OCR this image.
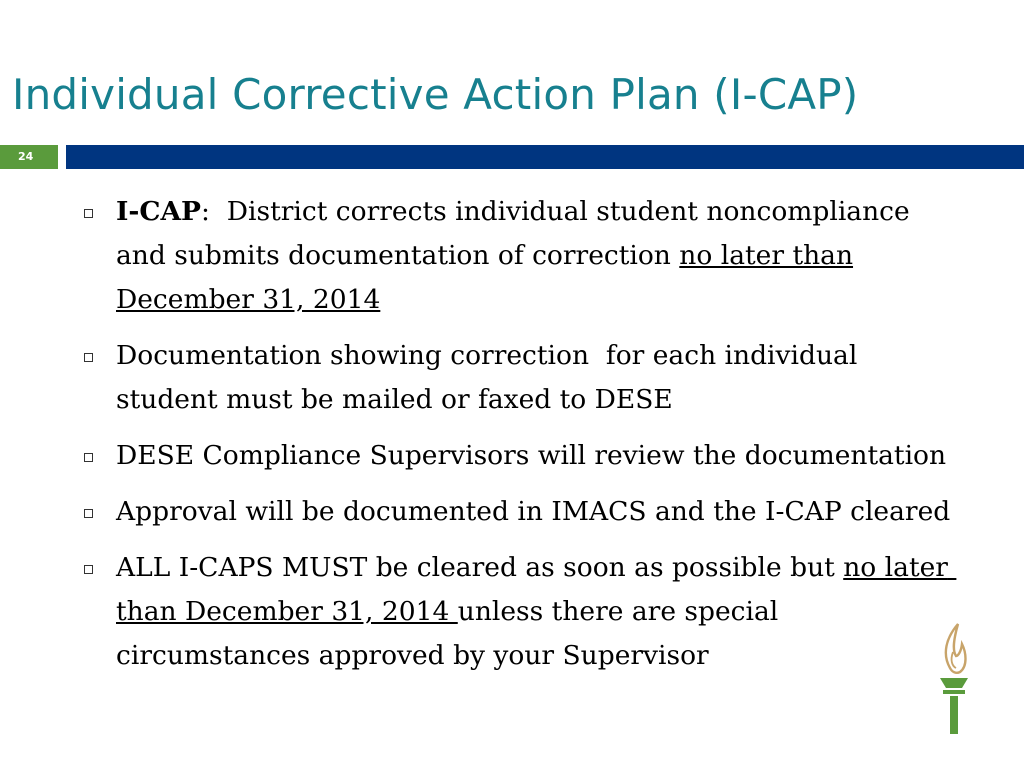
Individual Corrective Action Plan (I-CAP)
24
I-CAP:  District corrects individual student noncompliance and submits documentation of correction no later than December 31, 2014
Documentation showing correction  for each individual student must be mailed or faxed to DESE
DESE Compliance Supervisors will review the documentation
Approval will be documented in IMACS and the I-CAP cleared
ALL I-CAPS MUST be cleared as soon as possible but no later than December 31, 2014 unless there are special circumstances approved by your Supervisor
